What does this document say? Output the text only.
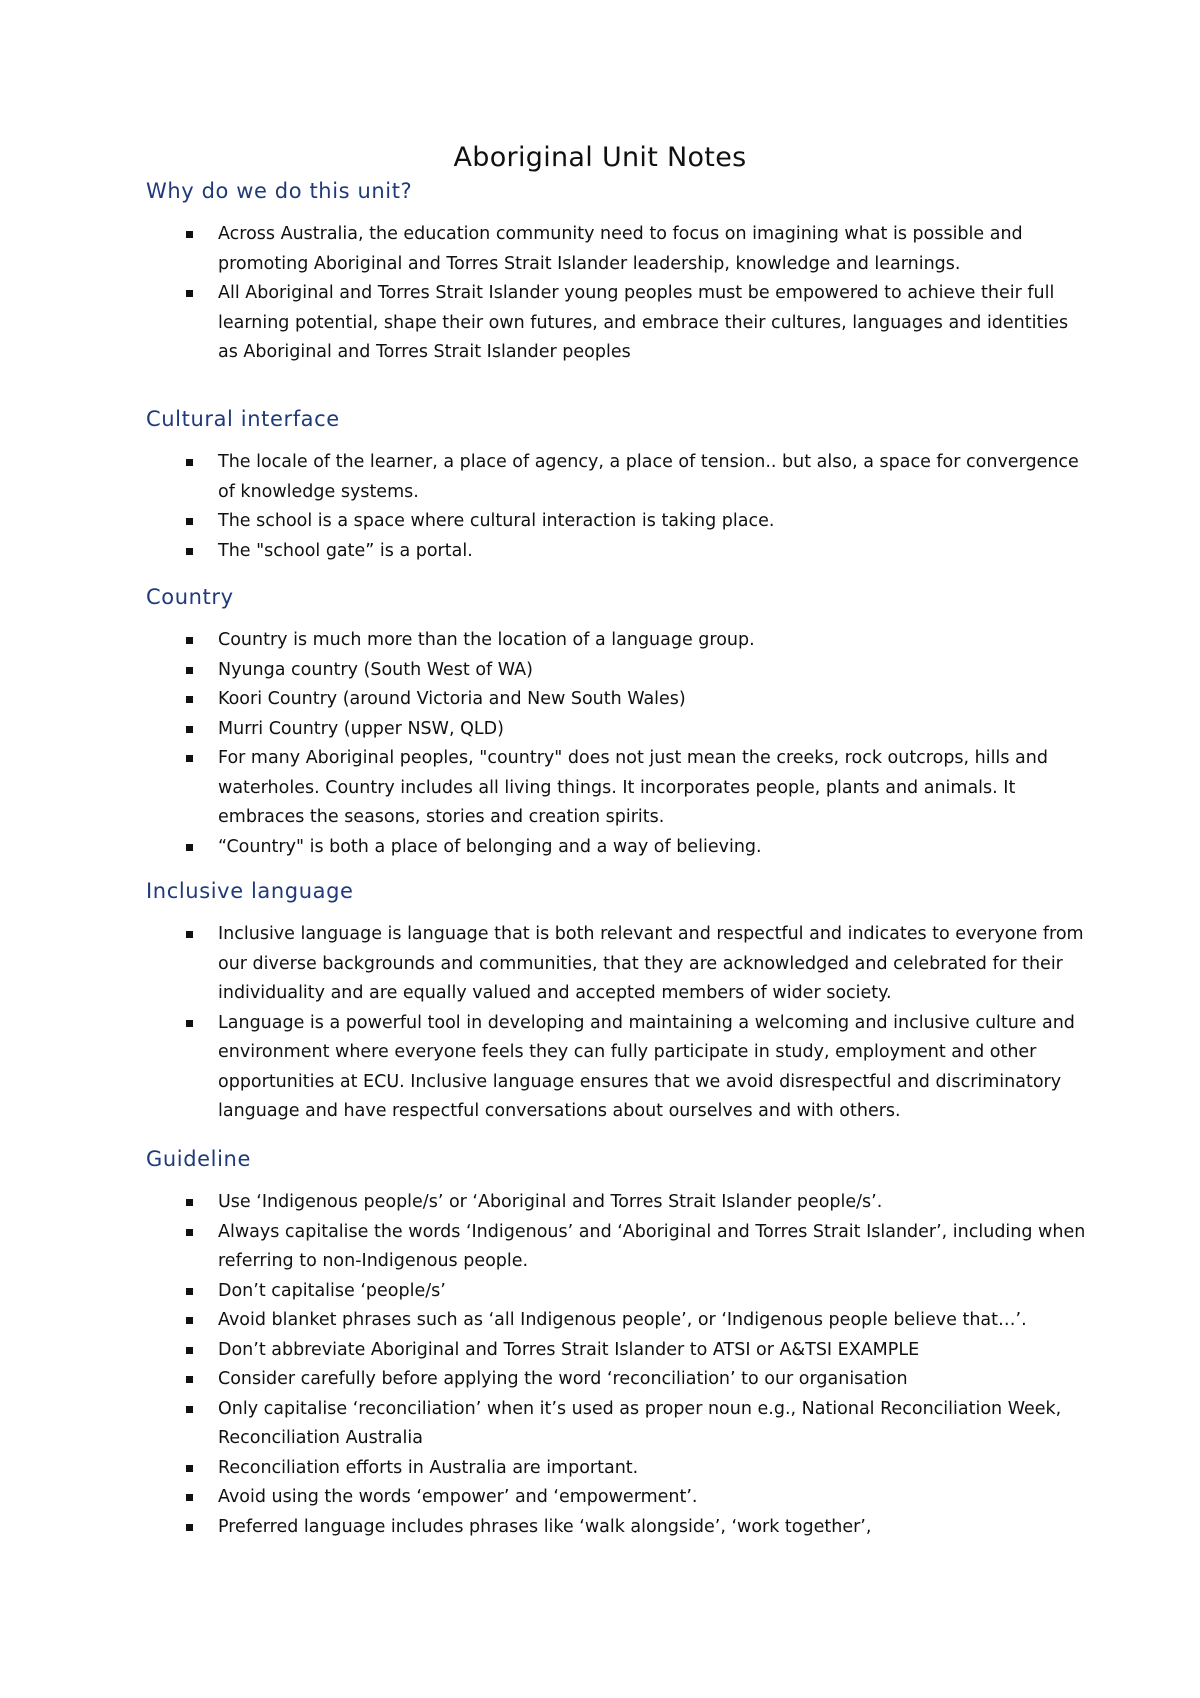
Aboriginal Unit Notes
Why do we do this unit?
Across Australia, the education community need to focus on imagining what is possible and promoting Aboriginal and Torres Strait Islander leadership, knowledge and learnings.
All Aboriginal and Torres Strait Islander young peoples must be empowered to achieve their full learning potential, shape their own futures, and embrace their cultures, languages and identities as Aboriginal and Torres Strait Islander peoples
Cultural interface
The locale of the learner, a place of agency, a place of tension.. but also, a space for convergence of knowledge systems.
The school is a space where cultural interaction is taking place.
The "school gate” is a portal.
Country
Country is much more than the location of a language group.
Nyunga country (South West of WA)
Koori Country (around Victoria and New South Wales)
Murri Country (upper NSW, QLD)
For many Aboriginal peoples, "country" does not just mean the creeks, rock outcrops, hills and waterholes. Country includes all living things. It incorporates people, plants and animals. It embraces the seasons, stories and creation spirits.
“Country" is both a place of belonging and a way of believing.
Inclusive language
Inclusive language is language that is both relevant and respectful and indicates to everyone from our diverse backgrounds and communities, that they are acknowledged and celebrated for their individuality and are equally valued and accepted members of wider society.
Language is a powerful tool in developing and maintaining a welcoming and inclusive culture and environment where everyone feels they can fully participate in study, employment and other opportunities at ECU. Inclusive language ensures that we avoid disrespectful and discriminatory language and have respectful conversations about ourselves and with others.
Guideline
Use ‘Indigenous people/s’ or ‘Aboriginal and Torres Strait Islander people/s’.
Always capitalise the words ‘Indigenous’ and ‘Aboriginal and Torres Strait Islander’, including when referring to non-Indigenous people.
Don’t capitalise ‘people/s’
Avoid blanket phrases such as ‘all Indigenous people’, or ‘Indigenous people believe that…’.
Don’t abbreviate Aboriginal and Torres Strait Islander to ATSI or A&TSI EXAMPLE
Consider carefully before applying the word ‘reconciliation’ to our organisation
Only capitalise ‘reconciliation’ when it’s used as proper noun e.g., National Reconciliation Week, Reconciliation Australia
Reconciliation efforts in Australia are important.
Avoid using the words ‘empower’ and ‘empowerment’.
Preferred language includes phrases like ‘walk alongside’, ‘work together’,
